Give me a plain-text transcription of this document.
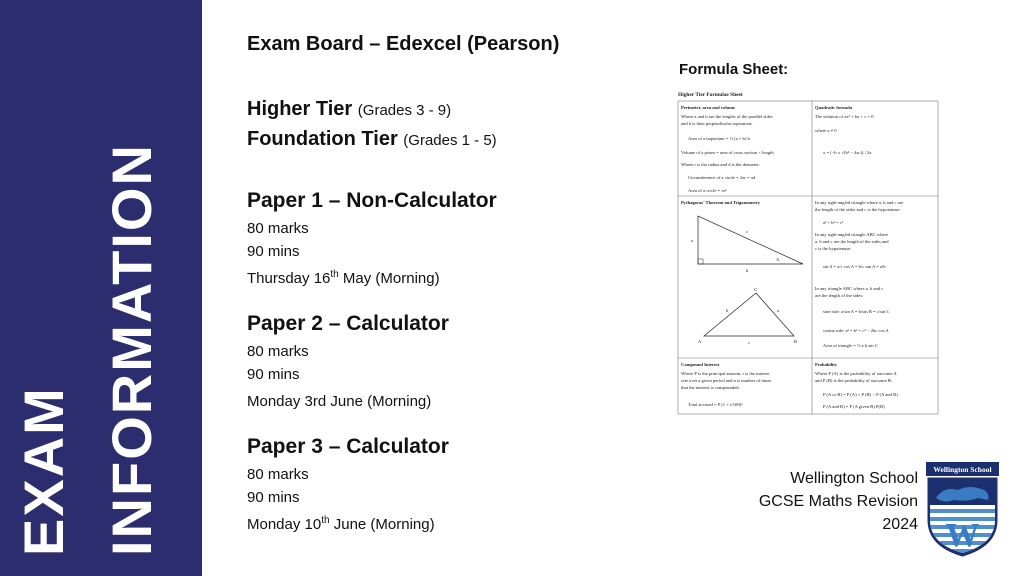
EXAM INFORMATION
Exam Board – Edexcel (Pearson)
Higher Tier (Grades 3 - 9)
Foundation Tier (Grades 1 - 5)
Paper 1 – Non-Calculator
80 marks
90 mins
Thursday 16th May (Morning)
Paper 2 – Calculator
80 marks
90 mins
Monday 3rd June (Morning)
Paper 3 – Calculator
80 marks
90 mins
Monday 10th June (Morning)
Formula Sheet:
Higher Tier Formulae Sheet
Perimeter, area and volume
Where a and b are the lengths of the parallel sides
and h is their perpendicular separation:
Area of a trapezium = ½ (a + b) h
Volume of a prism = area of cross section × length
Where r is the radius and d is the diameter:
Circumference of a circle = 2πr = πd
Area of a circle = πr²
Quadratic formula
The solution of ax² + bx + c = 0
where a ≠ 0
x = (−b ± √(b² − 4ac)) / 2a
Pythagoras' Theorem and Trigonometry
a
c
b
A
A	B
C
b	a
c
In any right-angled triangle where a, b and c are
the length of the sides and c is the hypotenuse:
a² + b² = c²
In any right-angled triangle ABC where
a, b and c are the length of the sides and
c is the hypotenuse:
sin A = a/c cos A = b/c tan A = a/b
In any triangle ABC where a, b and c
are the length of the sides:
sine rule: a/sin A = b/sin B = c/sin C
cosine rule: a² = b² + c² − 2bc cos A
Area of triangle = ½ a b sin C
Compound Interest
Where P is the principal amount, r is the interest
rate over a given period and n is number of times
that the interest is compounded:
Total accrued = P (1 + r/100)ⁿ
Probability
Where P (A) is the probability of outcome A
and P (B) is the probability of outcome B:
P (A or B) = P (A) + P (B) − P (A and B)
P (A and B) = P (A given B) P(B)
Wellington School
GCSE Maths Revision
2024
Wellington School
W
